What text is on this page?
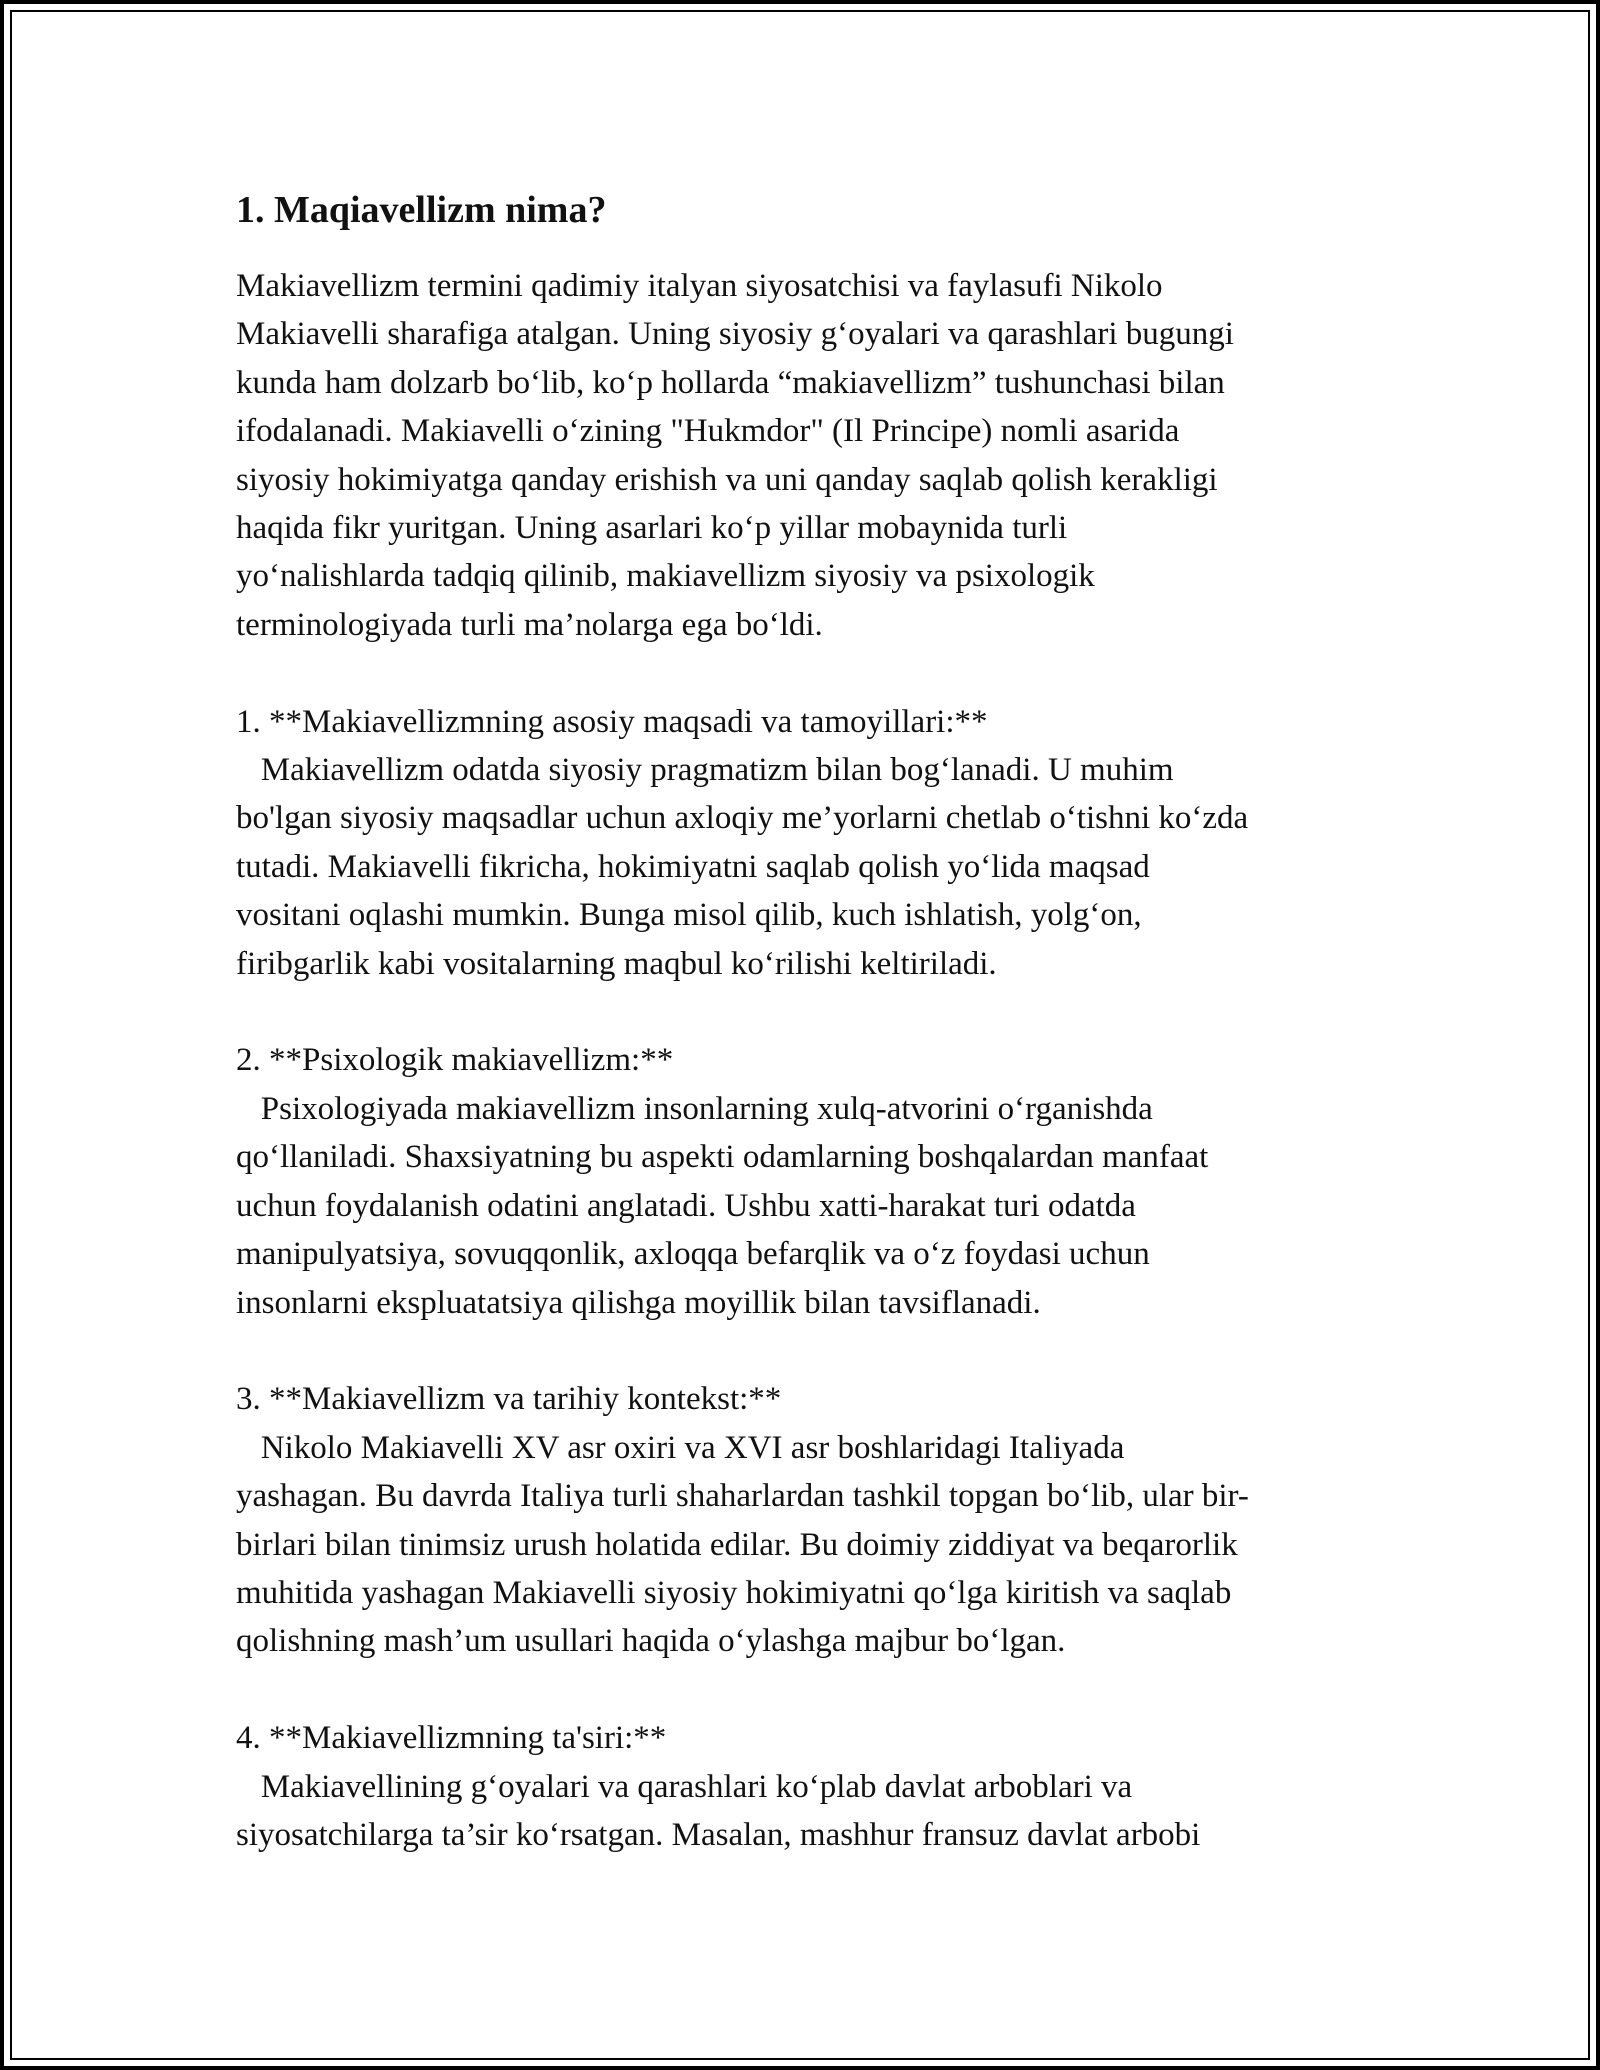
1. Maqiavellizm nima?

Makiavellizm termini qadimiy italyan siyosatchisi va faylasufi Nikolo
Makiavelli sharafiga atalgan. Uning siyosiy g‘oyalari va qarashlari bugungi
kunda ham dolzarb bo‘lib, ko‘p hollarda “makiavellizm” tushunchasi bilan
ifodalanadi. Makiavelli o‘zining "Hukmdor" (Il Principe) nomli asarida
siyosiy hokimiyatga qanday erishish va uni qanday saqlab qolish kerakligi
haqida fikr yuritgan. Uning asarlari ko‘p yillar mobaynida turli
yo‘nalishlarda tadqiq qilinib, makiavellizm siyosiy va psixologik
terminologiyada turli ma’nolarga ega bo‘ldi.

1. **Makiavellizmning asosiy maqsadi va tamoyillari:**

Makiavellizm odatda siyosiy pragmatizm bilan bog‘lanadi. U muhim
bo'lgan siyosiy maqsadlar uchun axloqiy me’yorlarni chetlab o‘tishni ko‘zda
tutadi. Makiavelli fikricha, hokimiyatni saqlab qolish yo‘lida maqsad
vositani oqlashi mumkin. Bunga misol qilib, kuch ishlatish, yolg‘on,
firibgarlik kabi vositalarning maqbul ko‘rilishi keltiriladi.

2. **Psixologik makiavellizm:**

Psixologiyada makiavellizm insonlarning xulq-atvorini o‘rganishda
qo‘llaniladi. Shaxsiyatning bu aspekti odamlarning boshqalardan manfaat
uchun foydalanish odatini anglatadi. Ushbu xatti-harakat turi odatda
manipulyatsiya, sovuqqonlik, axloqqa befarqlik va o‘z foydasi uchun
insonlarni ekspluatatsiya qilishga moyillik bilan tavsiflanadi.

3. **Makiavellizm va tarihiy kontekst:**

Nikolo Makiavelli XV asr oxiri va XVI asr boshlaridagi Italiyada
yashagan. Bu davrda Italiya turli shaharlardan tashkil topgan bo‘lib, ular bir-
birlari bilan tinimsiz urush holatida edilar. Bu doimiy ziddiyat va beqarorlik
muhitida yashagan Makiavelli siyosiy hokimiyatni qo‘lga kiritish va saqlab
qolishning mash’um usullari haqida o‘ylashga majbur bo‘lgan.

4. **Makiavellizmning ta'siri:**

Makiavellining g‘oyalari va qarashlari ko‘plab davlat arboblari va
siyosatchilarga ta’sir ko‘rsatgan. Masalan, mashhur fransuz davlat arbobi
